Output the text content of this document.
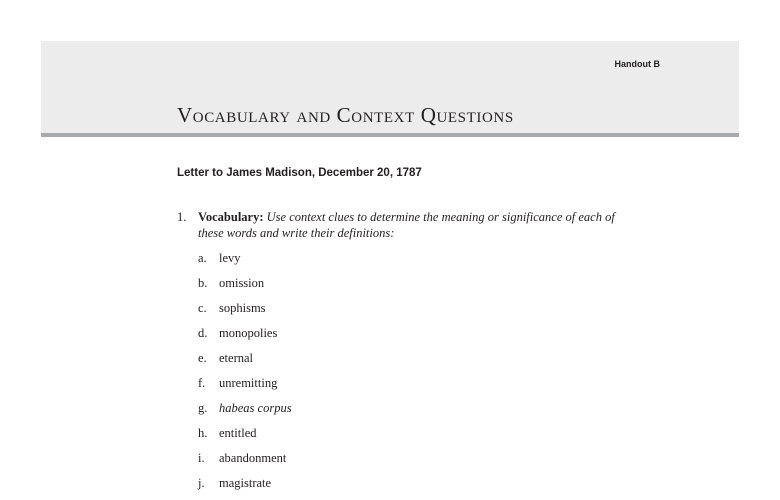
Handout B
Vocabulary and Context Questions
Letter to James Madison, December 20, 1787
1. Vocabulary: Use context clues to determine the meaning or significance of each of these words and write their definitions:
a. levy
b. omission
c. sophisms
d. monopolies
e. eternal
f. unremitting
g. habeas corpus
h. entitled
i. abandonment
j. magistrate
